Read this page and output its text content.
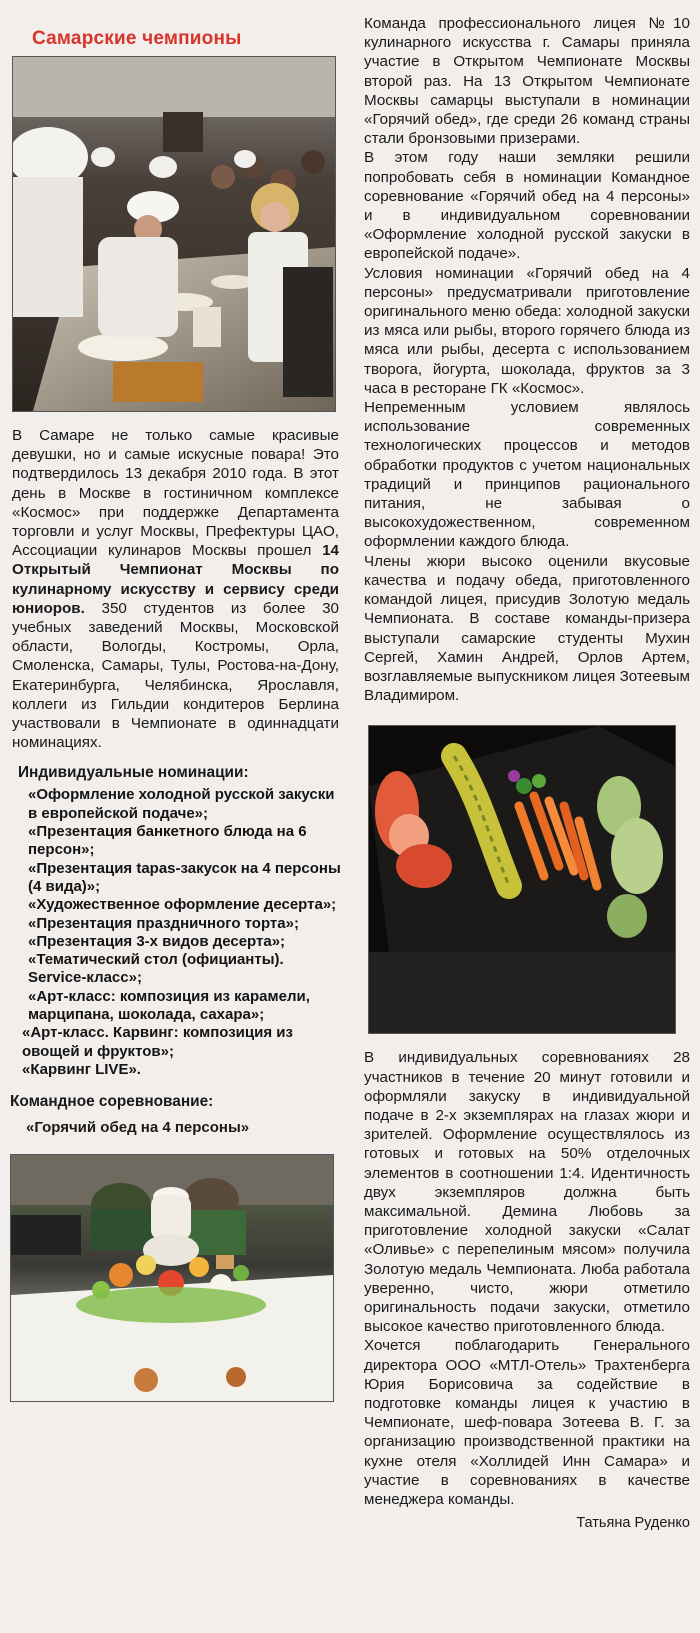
Самарские чемпионы

В Самаре не только самые красивые девушки, но и самые искусные повара! Это подтвердилось 13 декабря 2010 года. В этот день в Москве в гостиничном комплексе «Космос» при поддержке Департамента торговли и услуг Москвы, Префектуры ЦАО, Ассоциации кулинаров Москвы прошел 14 Открытый Чемпионат Москвы по кулинарному искусству и сервису среди юниоров. 350 студентов из более 30 учебных заведений Москвы, Московской области, Вологды, Костромы, Орла, Смоленска, Самары, Тулы, Ростова-на-Дону, Екатеринбурга, Челябинска, Ярославля, коллеги из Гильдии кондитеров Берлина участвовали в Чемпионате в одиннадцати номинациях.

Индивидуальные номинации:
«Оформление холодной русской закуски в европейской подаче»;
«Презентация банкетного блюда на 6 персон»;
«Презентация tapas-закусок на 4 персоны (4 вида)»;
«Художественное оформление десерта»;
«Презентация праздничного торта»;
«Презентация 3-х видов десерта»;
«Тематический стол (официанты). Service-класс»;
«Арт-класс: композиция из карамели, марципана, шоколада, сахара»;
«Арт-класс. Карвинг: композиция из овощей и фруктов»;
«Карвинг LIVE».
Командное соревнование:
«Горячий обед на 4 персоны»

Команда профессионального лицея №10 кулинарного искусства г. Самары приняла участие в Открытом Чемпионате Москвы второй раз. На 13 Открытом Чемпионате Москвы самарцы выступали в номинации «Горячий обед», где среди 26 команд страны стали бронзовыми призерами.

В этом году наши земляки решили попробовать себя в номинации Командное соревнование «Горячий обед на 4 персоны» и в индивидуальном соревновании «Оформление холодной русской закуски в европейской подаче».

Условия номинации «Горячий обед на 4 персоны» предусматривали приготовление оригинального меню обеда: холодной закуски из мяса или рыбы, второго горячего блюда из мяса или рыбы, десерта с использованием творога, йогурта, шоколада, фруктов за 3 часа в ресторане ГК «Космос».

Непременным условием являлось использование современных технологических процессов и методов обработки продуктов с учетом национальных традиций и принципов рационального питания, не забывая о высокохудожественном, современном оформлении каждого блюда.

Члены жюри высоко оценили вкусовые качества и подачу обеда, приготовленного командой лицея, присудив Золотую медаль Чемпионата. В составе команды-призера выступали самарские студенты Мухин Сергей, Хамин Андрей, Орлов Артем, возглавляемые выпускником лицея Зотеевым Владимиром.

В индивидуальных соревнованиях 28 участников в течение 20 минут готовили и оформляли закуску в индивидуальной подаче в 2-х экземплярах на глазах жюри и зрителей. Оформление осуществлялось из готовых и готовых на 50% отделочных элементов в соотношении 1:4. Идентичность двух экземпляров должна быть максимальной. Демина Любовь за приготовление холодной закуски «Салат «Оливье» с перепелиным мясом» получила Золотую медаль Чемпионата. Люба работала уверенно, чисто, жюри отметило оригинальность подачи закуски, отметило высокое качество приготовленного блюда.

Хочется поблагодарить Генерального директора ООО «МТЛ-Отель» Трахтенберга Юрия Борисовича за содействие в подготовке команды лицея к участию в Чемпионате, шеф-повара Зотеева В. Г. за организацию производственной практики на кухне отеля «Холлидей Инн Самара» и участие в соревнованиях в качестве менеджера команды.

Татьяна Руденко
